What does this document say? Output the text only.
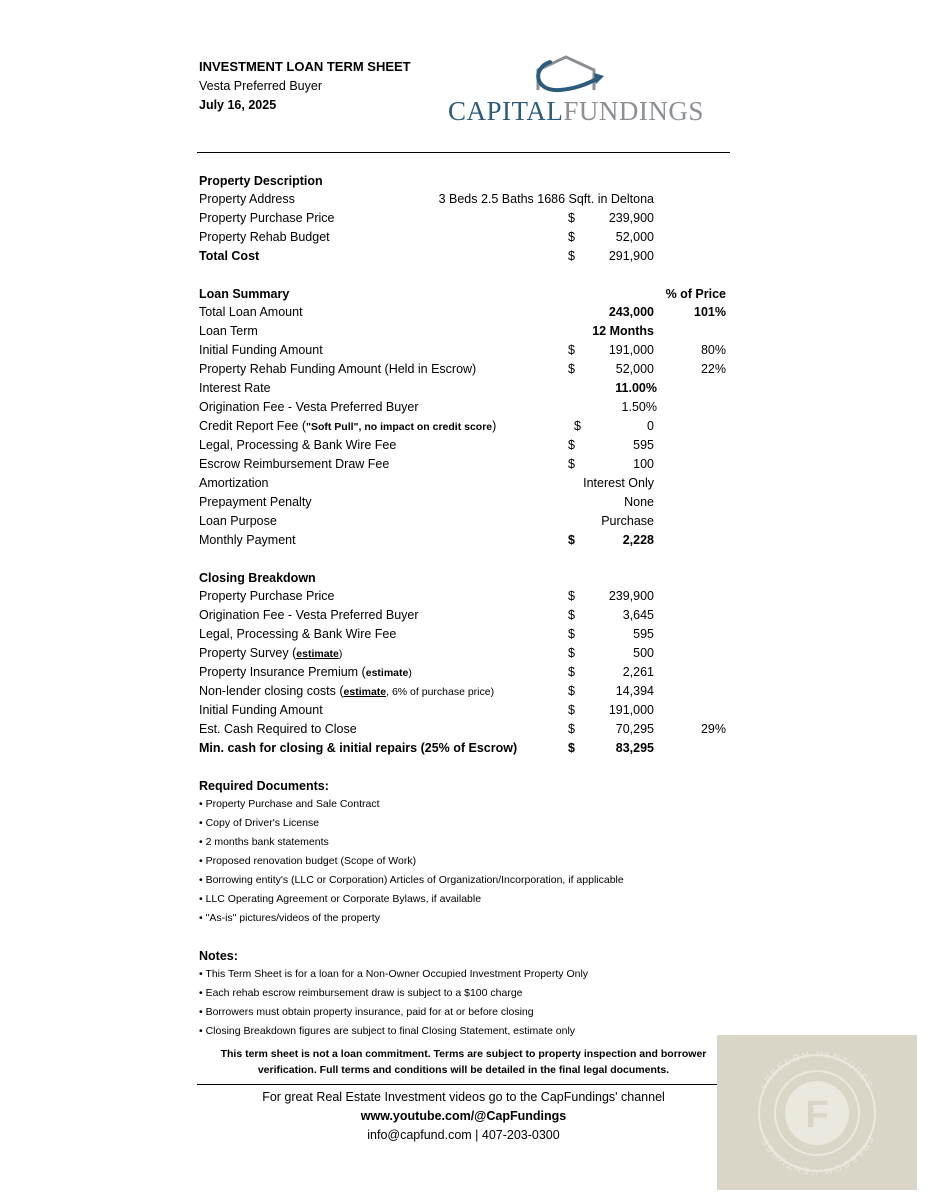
INVESTMENT LOAN TERM SHEET
Vesta Preferred Buyer
July 16, 2025	CAPITALFUNDINGS
Property Description
Property Address	3 Beds 2.5 Baths 1686 Sqft. in Deltona
Property Purchase Price	$	239,900
Property Rehab Budget	$	52,000
Total Cost	$	291,900
Loan Summary	% of Price
Total Loan Amount	243,000	101%
Loan Term	12 Months
Initial Funding Amount	$	191,000	80%
Property Rehab Funding Amount (Held in Escrow)	$	52,000	22%
Interest Rate	11.00%
Origination Fee - Vesta Preferred Buyer	1.50%
Credit Report Fee ("Soft Pull", no impact on credit score)	$	0
Legal, Processing & Bank Wire Fee	$	595
Escrow Reimbursement Draw Fee	$	100
Amortization	Interest Only
Prepayment Penalty	None
Loan Purpose	Purchase
Monthly Payment	$	2,228
Closing Breakdown
Property Purchase Price	$	239,900
Origination Fee - Vesta Preferred Buyer	$	3,645
Legal, Processing & Bank Wire Fee	$	595
Property Survey (estimate)	$	500
Property Insurance Premium (estimate)	$	2,261
Non-lender closing costs (estimate, 6% of purchase price)	$	14,394
Initial Funding Amount	$	191,000
Est. Cash Required to Close	$	70,295	29%
Min. cash for closing & initial repairs (25% of Escrow)	$	83,295
Required Documents:
• Property Purchase and Sale Contract
• Copy of Driver's License
• 2 months bank statements
• Proposed renovation budget (Scope of Work)
• Borrowing entity's (LLC or Corporation) Articles of Organization/Incorporation, if applicable
• LLC Operating Agreement or Corporate Bylaws, if available
• "As-is" pictures/videos of the property
Notes:
• This Term Sheet is for a loan for a Non-Owner Occupied Investment Property Only
• Each rehab escrow reimbursement draw is subject to a $100 charge
• Borrowers must obtain property insurance, paid for at or before closing
• Closing Breakdown figures are subject to final Closing Statement, estimate only
This term sheet is not a loan commitment. Terms are subject to property inspection and borrower
verification. Full terms and conditions will be detailed in the final legal documents.
For great Real Estate Investment videos go to the CapFundings' channel
www.youtube.com/@CapFundings
info@capfund.com | 407-203-0300	F
FREEDOM VENTURES
FREEDOM VENTURES
